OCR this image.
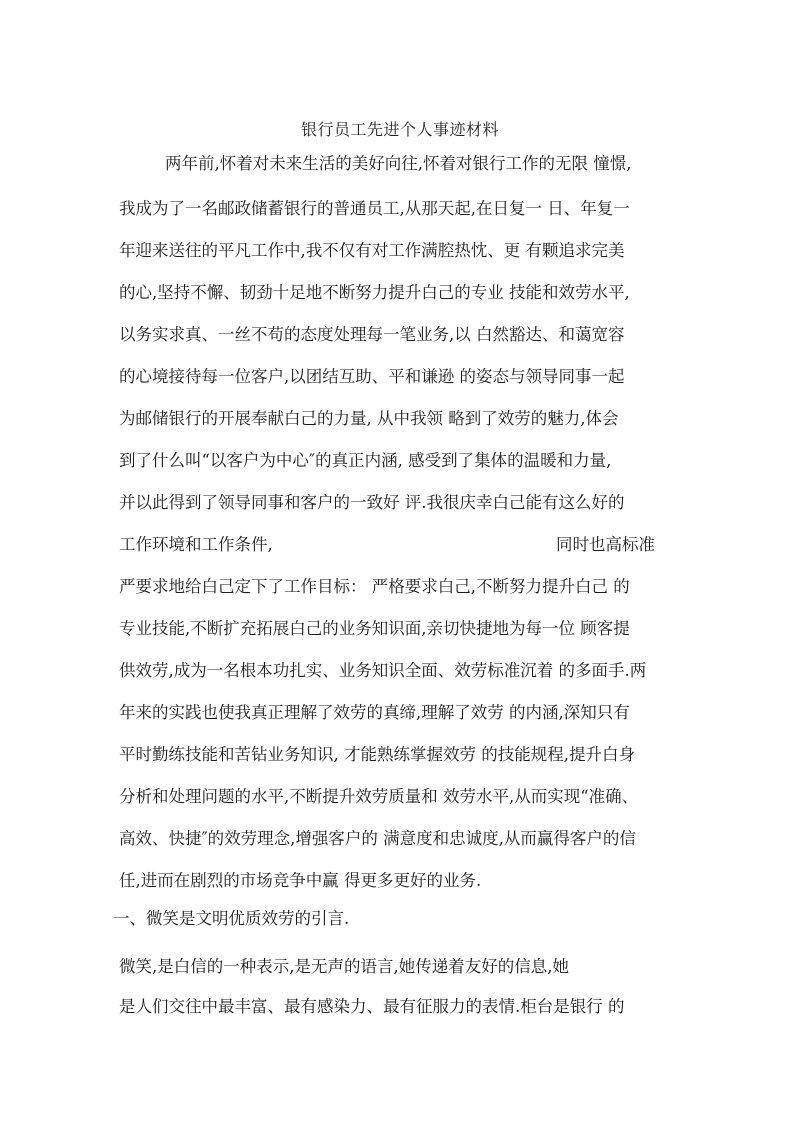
银行员工先进个人事迹材料
两年前,怀着对未来生活的美好向往,怀着对银行工作的无限 憧憬,
我成为了一名邮政储蓄银行的普通员工,从那天起,在日复一 日、年复一
年迎来送往的平凡工作中,我不仅有对工作满腔热忱、更 有颗追求完美
的心,坚持不懈、韧劲十足地不断努力提升白己的专业 技能和效劳水平,
以务实求真、一丝不苟的态度处理每一笔业务,以 白然豁达、和蔼宽容
的心境接待每一位客户,以团结互助、平和谦逊 的姿态与领导同事一起
为邮储银行的开展奉献白己的力量, 从中我领 略到了效劳的魅力,体会
到了什么叫“以客户为中心″的真正内涵, 感受到了集体的温暖和力量,
并以此得到了领导同事和客户的一致好 评.我很庆幸白己能有这么好的
工作环境和工作条件,	同时也高标准
严要求地给白己定下了工作目标： 严格要求白己,不断努力提升白己 的
专业技能,不断扩充拓展白己的业务知识面,亲切快捷地为每一位 顾客提
供效劳,成为一名根本功扎实、业务知识全面、效劳标准沉着 的多面手.两
年来的实践也使我真正理解了效劳的真缔,理解了效劳 的内涵,深知只有
平时勤练技能和苦钻业务知识, 才能熟练掌握效劳 的技能规程,提升白身
分析和处理问题的水平,不断提升效劳质量和 效劳水平,从而实现“准确、
高效、快捷″的效劳理念,增强客户的 满意度和忠诚度,从而赢得客户的信
任,进而在剧烈的市场竞争中赢 得更多更好的业务.
一、微笑是文明优质效劳的引言.
微笑,是白信的一种表示,是无声的语言,她传递着友好的信息,她
是人们交往中最丰富、最有感染力、最有征服力的表情.柜台是银行 的
